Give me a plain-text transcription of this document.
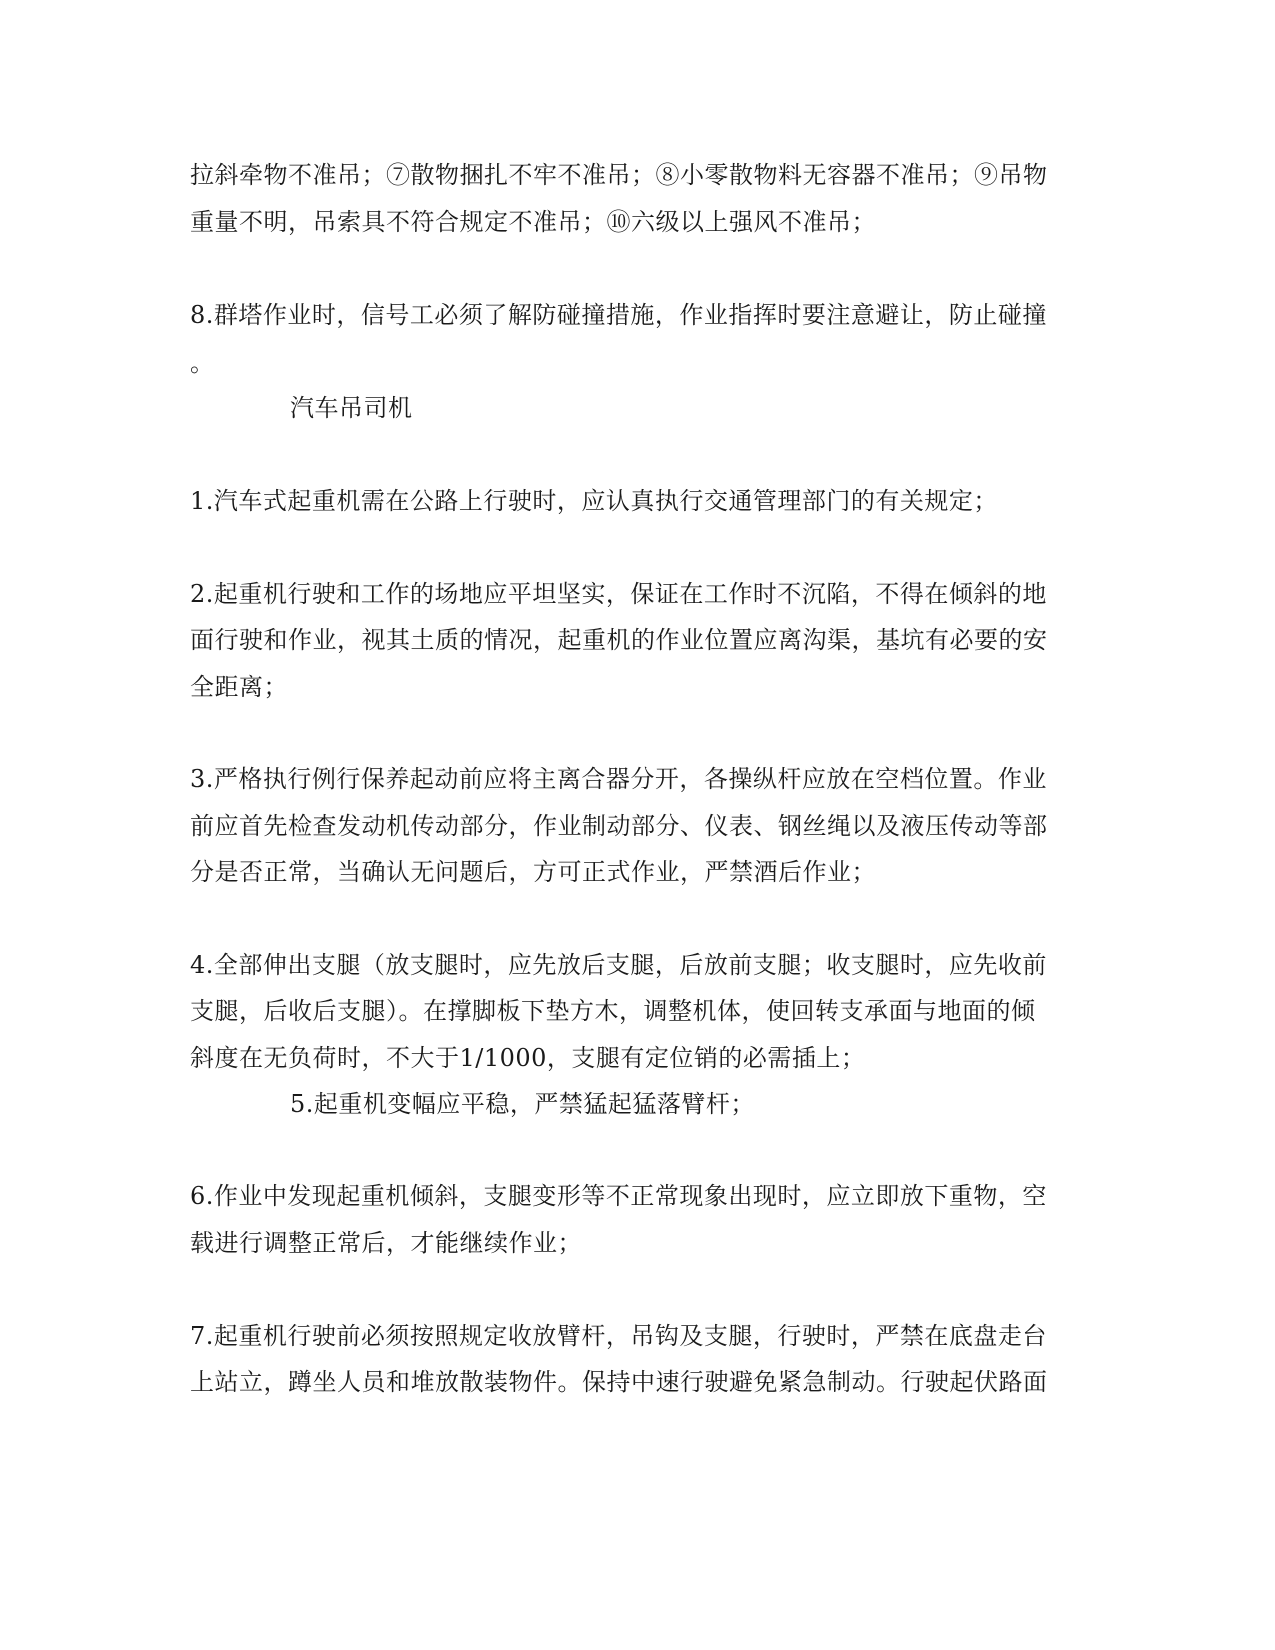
拉斜牵物不准吊；⑦散物捆扎不牢不准吊；⑧小零散物料无容器不准吊；⑨吊物
重量不明，吊索具不符合规定不准吊；⑩六级以上强风不准吊；
8.群塔作业时，信号工必须了解防碰撞措施，作业指挥时要注意避让，防止碰撞
。
汽车吊司机
1.汽车式起重机需在公路上行驶时，应认真执行交通管理部门的有关规定；
2.起重机行驶和工作的场地应平坦坚实，保证在工作时不沉陷，不得在倾斜的地
面行驶和作业，视其土质的情况，起重机的作业位置应离沟渠，基坑有必要的安
全距离；
3.严格执行例行保养起动前应将主离合器分开，各操纵杆应放在空档位置。作业
前应首先检查发动机传动部分，作业制动部分、仪表、钢丝绳以及液压传动等部
分是否正常，当确认无问题后，方可正式作业，严禁酒后作业；
4.全部伸出支腿（放支腿时，应先放后支腿，后放前支腿；收支腿时，应先收前
支腿，后收后支腿）。在撑脚板下垫方木，调整机体，使回转支承面与地面的倾
斜度在无负荷时，不大于1/1000，支腿有定位销的必需插上；
5.起重机变幅应平稳，严禁猛起猛落臂杆；
6.作业中发现起重机倾斜，支腿变形等不正常现象出现时，应立即放下重物，空
载进行调整正常后，才能继续作业；
7.起重机行驶前必须按照规定收放臂杆，吊钩及支腿，行驶时，严禁在底盘走台
上站立，蹲坐人员和堆放散装物件。保持中速行驶避免紧急制动。行驶起伏路面
